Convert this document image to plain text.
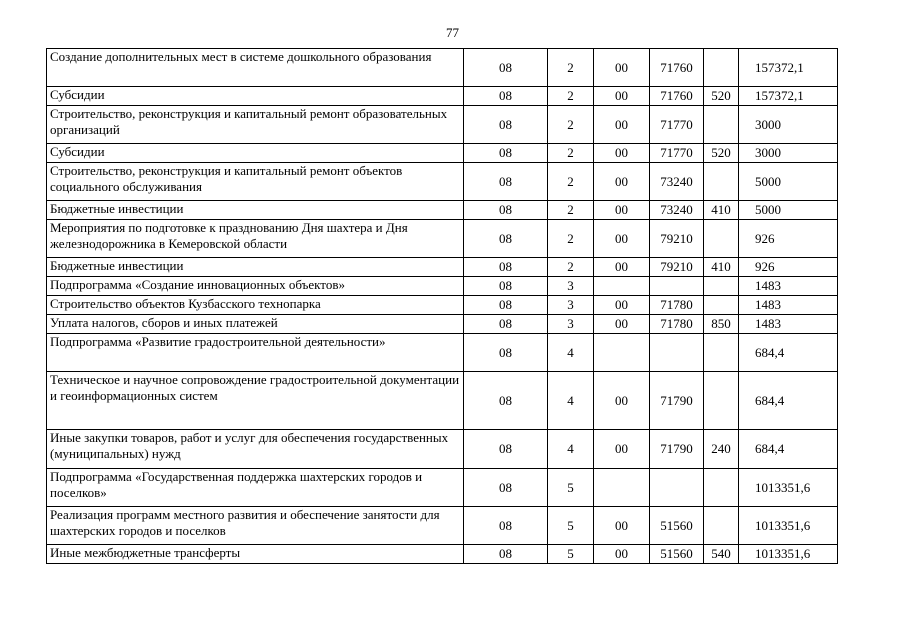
77
Создание дополнительных мест в системе дошкольного образования	08	2	00	71760		157372,1
Субсидии	08	2	00	71760	520	157372,1
Строительство, реконструкция и капитальный ремонт образовательных организаций	08	2	00	71770		3000
Субсидии	08	2	00	71770	520	3000
Строительство, реконструкция и капитальный ремонт объектов социального обслуживания	08	2	00	73240		5000
Бюджетные инвестиции	08	2	00	73240	410	5000
Мероприятия по подготовке к празднованию Дня шахтера и Дня железнодорожника в Кемеровской области	08	2	00	79210		926
Бюджетные инвестиции	08	2	00	79210	410	926
Подпрограмма «Создание инновационных объектов»	08	3				1483
Строительство объектов Кузбасского технопарка	08	3	00	71780		1483
Уплата налогов, сборов и иных платежей	08	3	00	71780	850	1483
Подпрограмма «Развитие градостроительной деятельности»	08	4				684,4
Техническое и научное сопровождение градостроительной документации и геоинформационных систем	08	4	00	71790		684,4
Иные закупки товаров, работ и услуг для обеспечения государственных (муниципальных) нужд	08	4	00	71790	240	684,4
Подпрограмма «Государственная поддержка шахтерских городов и поселков»	08	5				1013351,6
Реализация программ местного развития и обеспечение занятости для шахтерских городов и поселков	08	5	00	51560		1013351,6
Иные межбюджетные трансферты	08	5	00	51560	540	1013351,6
